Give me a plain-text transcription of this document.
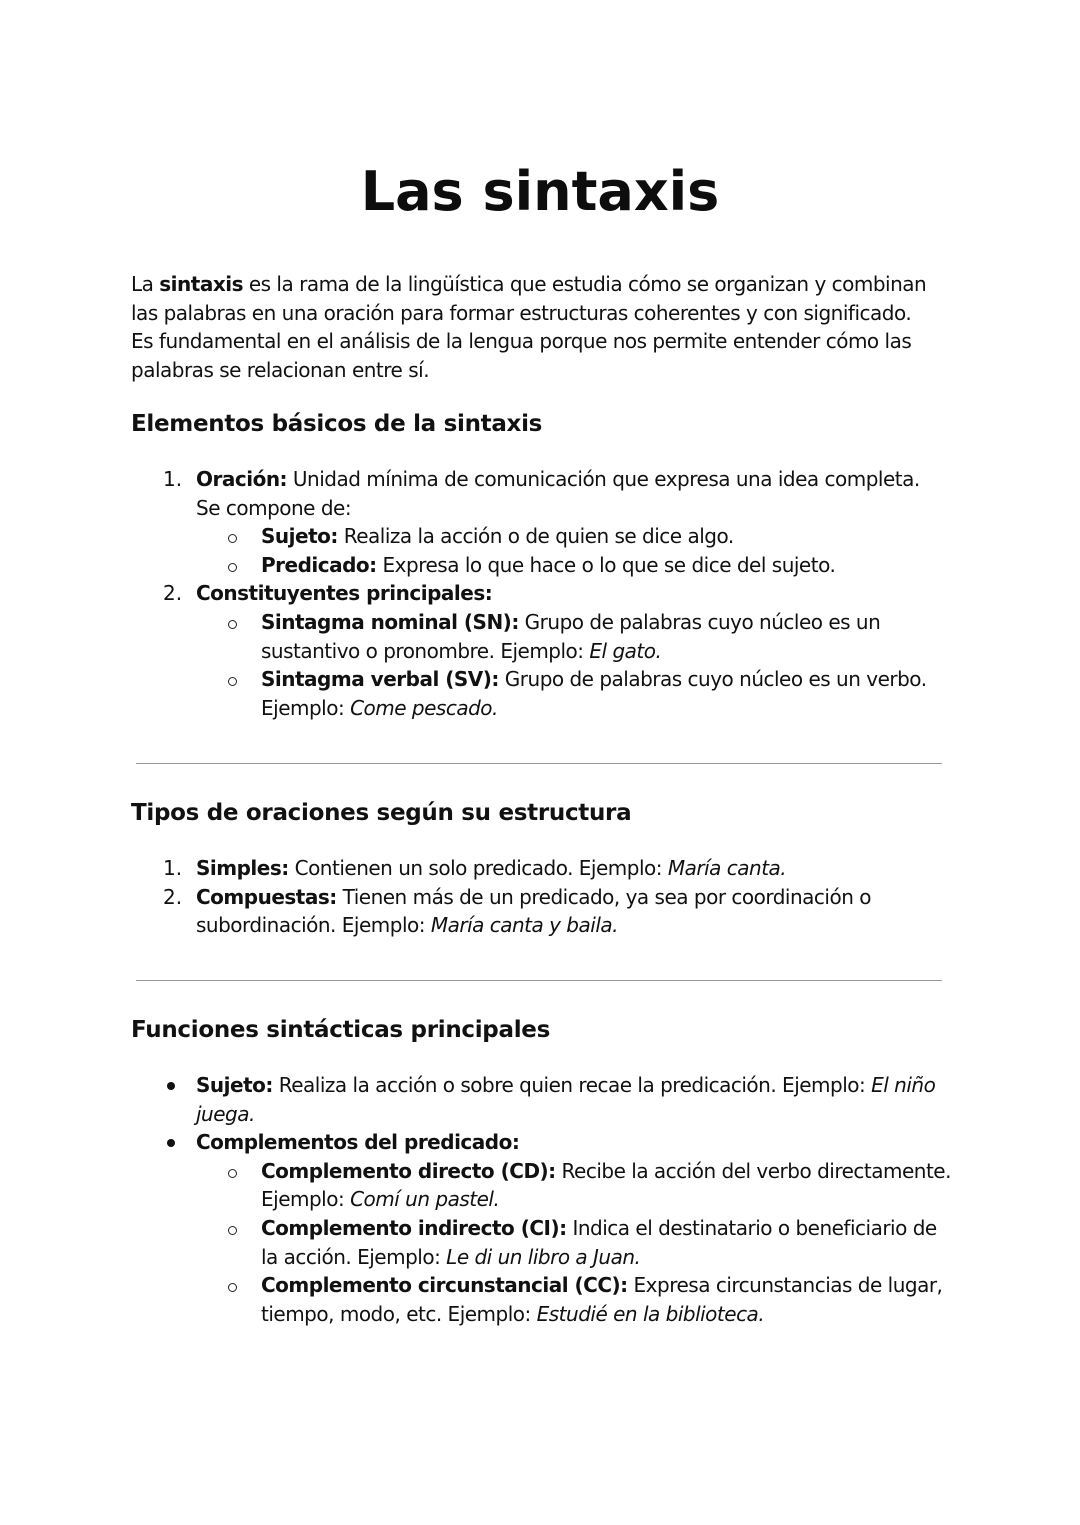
Las sintaxis
La sintaxis es la rama de la lingüística que estudia cómo se organizan y combinan
las palabras en una oración para formar estructuras coherentes y con significado.
Es fundamental en el análisis de la lengua porque nos permite entender cómo las
palabras se relacionan entre sí.
Elementos básicos de la sintaxis
1. Oración: Unidad mínima de comunicación que expresa una idea completa.
Se compone de:
Sujeto: Realiza la acción o de quien se dice algo.
Predicado: Expresa lo que hace o lo que se dice del sujeto.
2. Constituyentes principales:
Sintagma nominal (SN): Grupo de palabras cuyo núcleo es un
sustantivo o pronombre. Ejemplo: El gato.
Sintagma verbal (SV): Grupo de palabras cuyo núcleo es un verbo.
Ejemplo: Come pescado.
Tipos de oraciones según su estructura
1. Simples: Contienen un solo predicado. Ejemplo: María canta.
2. Compuestas: Tienen más de un predicado, ya sea por coordinación o
subordinación. Ejemplo: María canta y baila.
Funciones sintácticas principales
Sujeto: Realiza la acción o sobre quien recae la predicación. Ejemplo: El niño
juega.
Complementos del predicado:
Complemento directo (CD): Recibe la acción del verbo directamente.
Ejemplo: Comí un pastel.
Complemento indirecto (CI): Indica el destinatario o beneficiario de
la acción. Ejemplo: Le di un libro a Juan.
Complemento circunstancial (CC): Expresa circunstancias de lugar,
tiempo, modo, etc. Ejemplo: Estudié en la biblioteca.
